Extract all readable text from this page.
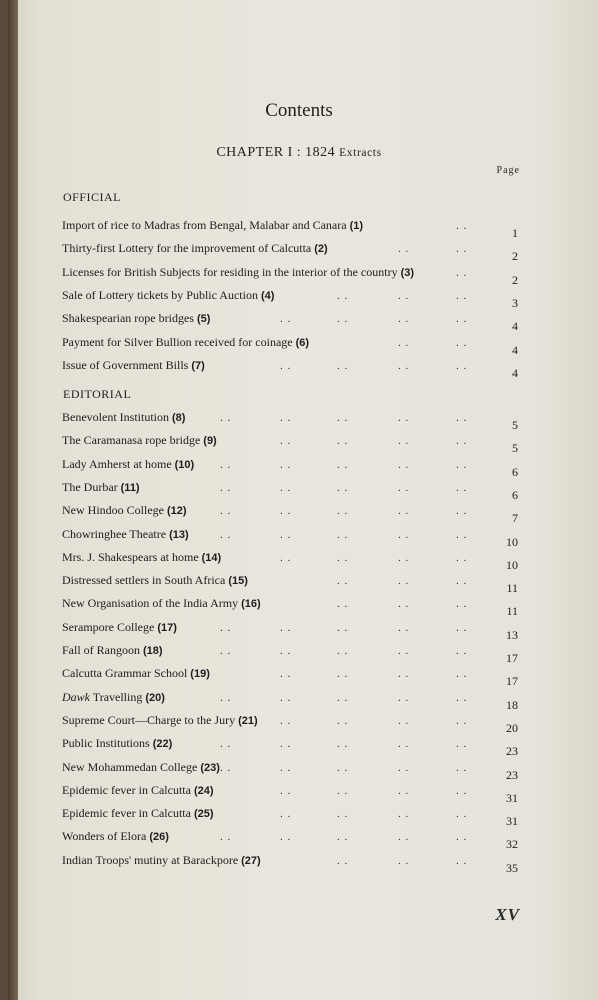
Contents
CHAPTER I : 1824 Extracts
Page
OFFICIAL
Import of rice to Madras from Bengal, Malabar and Canara (1)	. .	1
Thirty-first Lottery for the improvement of Calcutta (2)	. .	. .	2
Licenses for British Subjects for residing in the interior of the country (3)	. .	2
Sale of Lottery tickets by Public Auction (4)	. .	. .	. .	3
Shakespearian rope bridges (5)	. .	. .	. .	. .	4
Payment for Silver Bullion received for coinage (6)	. .	. .	4
Issue of Government Bills (7)	. .	. .	. .	. .	4
EDITORIAL
Benevolent Institution (8)	. .	. .	. .	. .	. .	5
The Caramanasa rope bridge (9)	. .	. .	. .	. .	5
Lady Amherst at home (10) . .	. .	. .	. .	. .	6
The Durbar (11)	. .	. .	. .	. .	. .	6
New Hindoo College (12)	. .	. .	. .	. .	. .	7
Chowringhee Theatre (13)	. .	. .	. .	. .	. .	10
Mrs. J. Shakespears at home (14)	. .	. .	. .	. .	10
Distressed settlers in South Africa (15)	. .	. .	. .	11
New Organisation of the India Army (16)	. .	. .	. .	11
Serampore College (17)	. .	. .	. .	. .	. .	13
Fall of Rangoon (18)	. .	. .	. .	. .	. .	17
Calcutta Grammar School (19)	. .	. .	. .	. .	17
Dawk Travelling (20)	. .	. .	. .	. .	. .	18
Supreme Court—Charge to the Jury (21) . .	. .	. .	. .	20
Public Institutions (22)	. .	. .	. .	. .	. .	23
New Mohammedan College (23) . .	. .	. .	. .	. .	23
Epidemic fever in Calcutta (24)	. .	. .	. .	. .	31
Epidemic fever in Calcutta (25)	. .	. .	. .	. .	31
Wonders of Elora (26)	. .	. .	. .	. .	. .	32
Indian Troops' mutiny at Barackpore (27)	. .	. .	. .	35
XV
